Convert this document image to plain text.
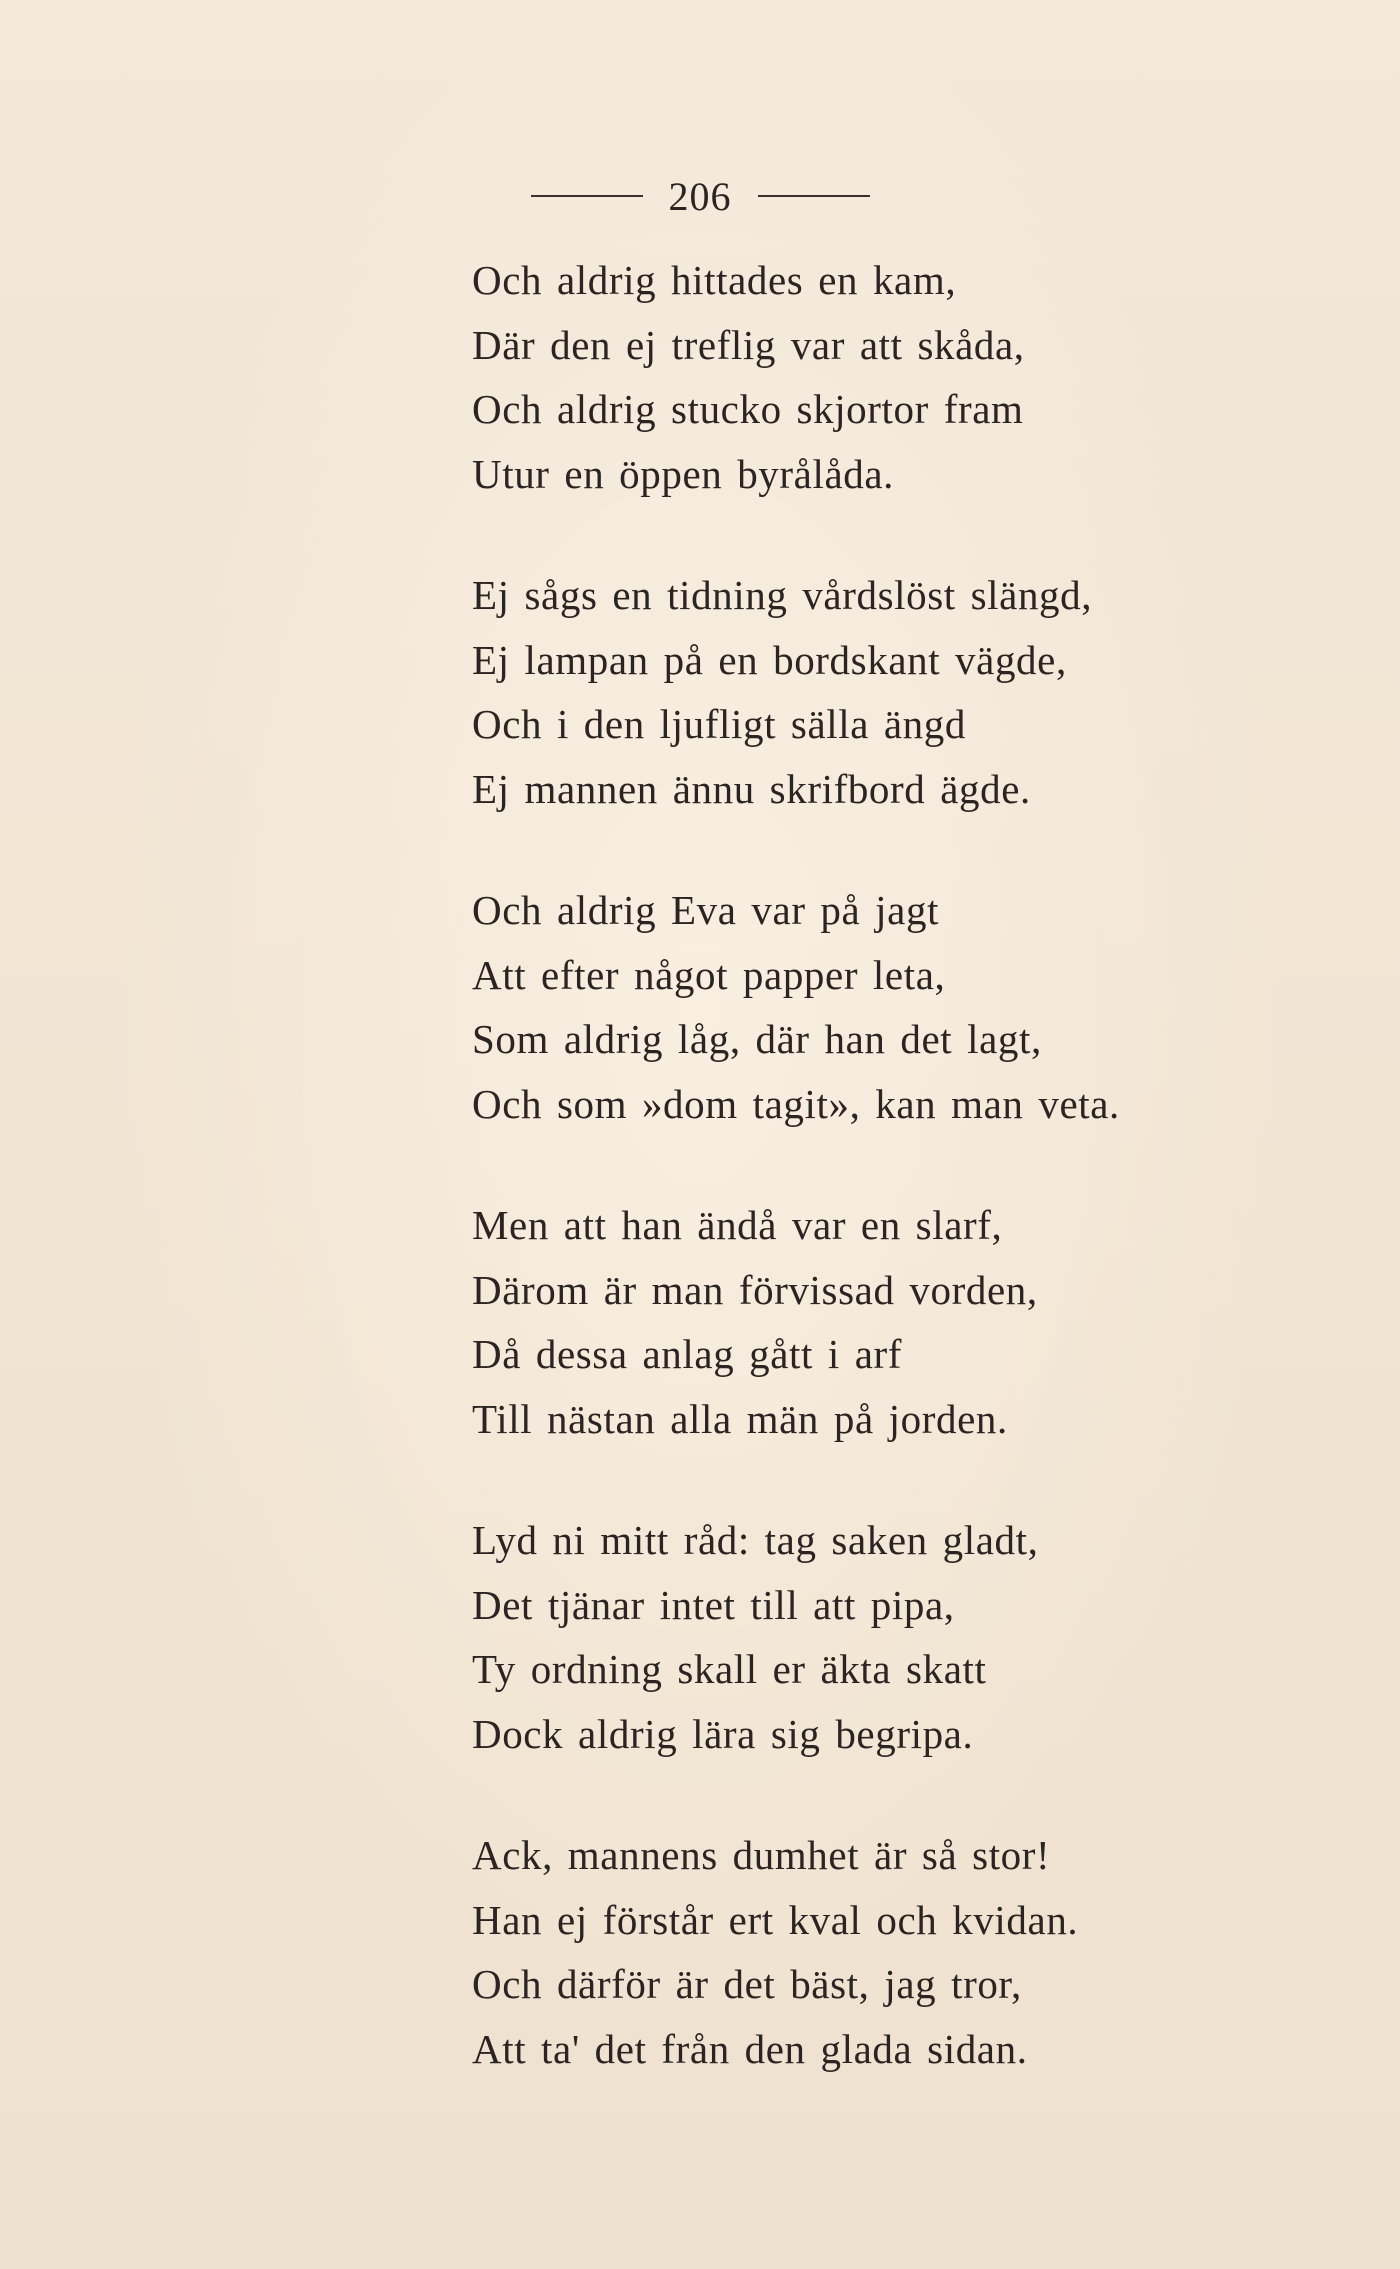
206
Och aldrig hittades en kam,
Där den ej treflig var att skåda,
Och aldrig stucko skjortor fram
Utur en öppen byrålåda.
Ej sågs en tidning vårdslöst slängd,
Ej lampan på en bordskant vägde,
Och i den ljufligt sälla ängd
Ej mannen ännu skrifbord ägde.
Och aldrig Eva var på jagt
Att efter något papper leta,
Som aldrig låg, där han det lagt,
Och som »dom tagit», kan man veta.
Men att han ändå var en slarf,
Därom är man förvissad vorden,
Då dessa anlag gått i arf
Till nästan alla män på jorden.
Lyd ni mitt råd: tag saken gladt,
Det tjänar intet till att pipa,
Ty ordning skall er äkta skatt
Dock aldrig lära sig begripa.
Ack, mannens dumhet är så stor!
Han ej förstår ert kval och kvidan.
Och därför är det bäst, jag tror,
Att ta' det från den glada sidan.
